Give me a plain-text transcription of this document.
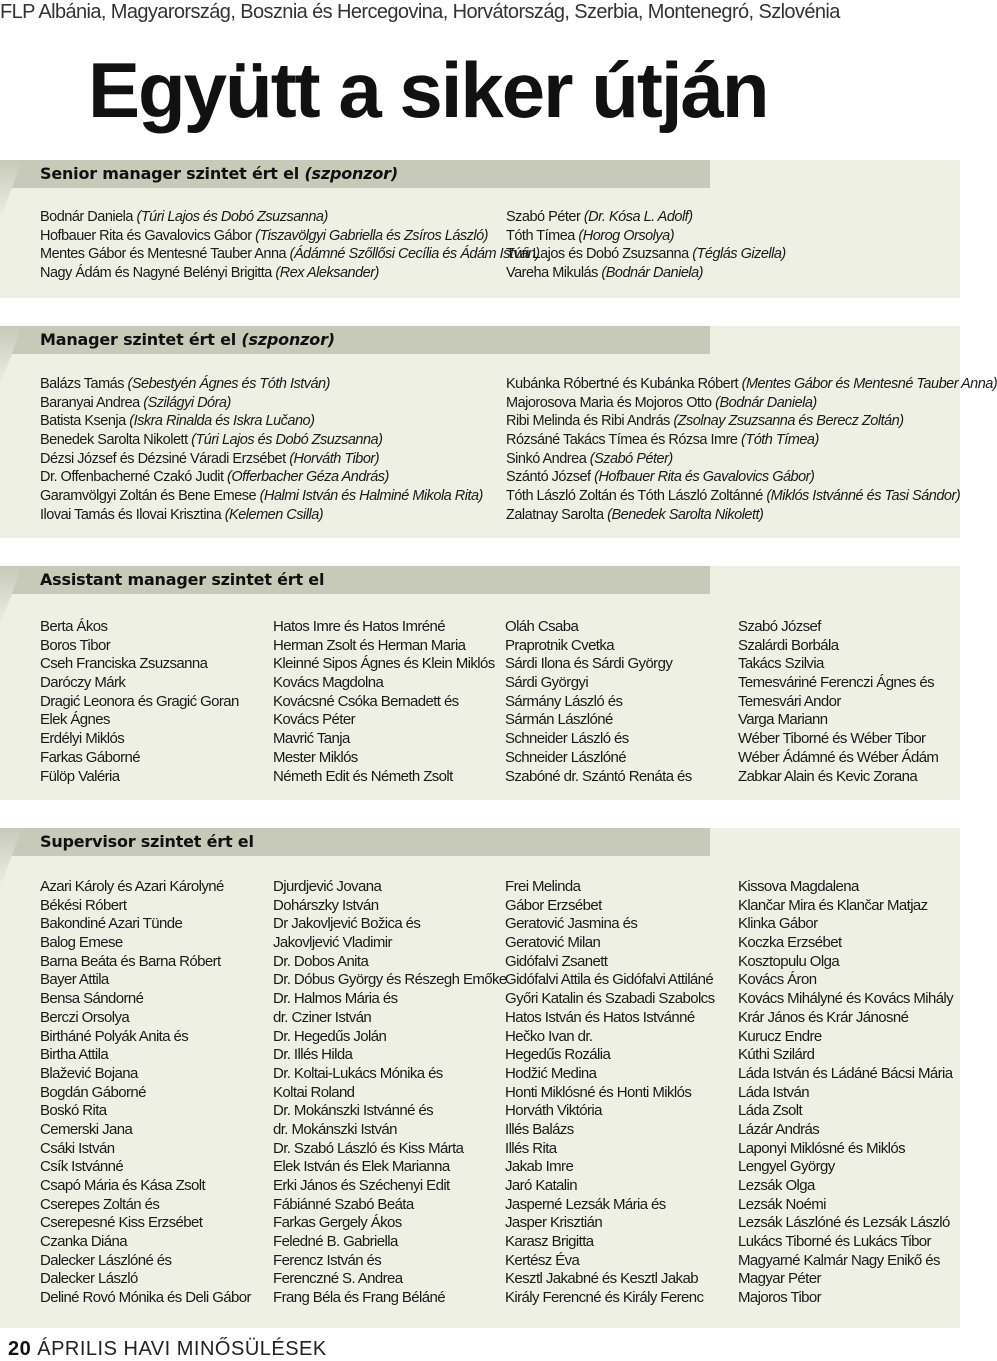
FLP Albánia, Magyarország, Bosznia és Hercegovina, Horvátország, Szerbia, Montenegró, Szlovénia
Együtt a siker útján
Senior manager szintet ért el (szponzor)
Bodnár Daniela (Túri Lajos és Dobó Zsuzsanna)
Hofbauer Rita és Gavalovics Gábor (Tiszavölgyi Gabriella és Zsíros László)
Mentes Gábor és Mentesné Tauber Anna (Ádámné Szőllősi Cecília és Ádám István)
Nagy Ádám és Nagyné Belényi Brigitta (Rex Aleksander)
Szabó Péter (Dr. Kósa L. Adolf)
Tóth Tímea (Horog Orsolya)
Túri Lajos és Dobó Zsuzsanna (Téglás Gizella)
Vareha Mikulás (Bodnár Daniela)
Manager szintet ért el (szponzor)
Balázs Tamás (Sebestyén Ágnes és Tóth István)
Baranyai Andrea (Szilágyi Dóra)
Batista Ksenja (Iskra Rinalda és Iskra Lučano)
Benedek Sarolta Nikolett (Túri Lajos és Dobó Zsuzsanna)
Dézsi József és Dézsiné Váradi Erzsébet (Horváth Tibor)
Dr. Offenbacherné Czakó Judit (Offerbacher Géza András)
Garamvölgyi Zoltán és Bene Emese (Halmi István és Halminé Mikola Rita)
Ilovai Tamás és Ilovai Krisztina (Kelemen Csilla)
Kubánka Róbertné és Kubánka Róbert (Mentes Gábor és Mentesné Tauber Anna)
Majorosova Maria és Mojoros Otto (Bodnár Daniela)
Ribi Melinda és Ribi András (Zsolnay Zsuzsanna és Berecz Zoltán)
Rózsáné Takács Tímea és Rózsa Imre (Tóth Tímea)
Sinkó Andrea (Szabó Péter)
Szántó József (Hofbauer Rita és Gavalovics Gábor)
Tóth László Zoltán és Tóth László Zoltánné (Miklós Istvánné és Tasi Sándor)
Zalatnay Sarolta (Benedek Sarolta Nikolett)
Assistant manager szintet ért el
Berta Ákos
Boros Tibor
Cseh Franciska Zsuzsanna
Daróczy Márk
Dragić Leonora és Gragić Goran
Elek Ágnes
Erdélyi Miklós
Farkas Gáborné
Fülöp Valéria
Hatos Imre és Hatos Imréné
Herman Zsolt és Herman Maria
Kleinné Sipos Ágnes és Klein Miklós
Kovács Magdolna
Kovácsné Csóka Bernadett és
Kovács Péter
Mavrić Tanja
Mester Miklós
Németh Edit és Németh Zsolt
Oláh Csaba
Praprotnik Cvetka
Sárdi Ilona és Sárdi György
Sárdi Györgyi
Sármány László és
Sármán Lászlóné
Schneider László és
Schneider Lászlóné
Szabóné dr. Szántó Renáta és
Szabó József
Szalárdi Borbála
Takács Szilvia
Temesváriné Ferenczi Ágnes és
Temesvári Andor
Varga Mariann
Wéber Tiborné és Wéber Tibor
Wéber Ádámné és Wéber Ádám
Zabkar Alain és Kevic Zorana
Supervisor szintet ért el
Azari Károly és Azari Károlyné
Békési Róbert
Bakondiné Azari Tünde
Balog Emese
Barna Beáta és Barna Róbert
Bayer Attila
Bensa Sándorné
Berczi Orsolya
Birtháné Polyák Anita és
Birtha Attila
Blažević Bojana
Bogdán Gáborné
Boskó Rita
Cemerski Jana
Csáki István
Csík Istvánné
Csapó Mária és Kása Zsolt
Cserepes Zoltán és
Cserepesné Kiss Erzsébet
Czanka Diána
Dalecker Lászlóné és
Dalecker László
Deliné Rovó Mónika és Deli Gábor
Djurdjević Jovana
Dohárszky István
Dr Jakovljević Božica és
Jakovljević Vladimir
Dr. Dobos Anita
Dr. Dóbus György és Részegh Emőke
Dr. Halmos Mária és
dr. Cziner István
Dr. Hegedűs Jolán
Dr. Illés Hilda
Dr. Koltai-Lukács Mónika és
Koltai Roland
Dr. Mokánszki Istvánné és
dr. Mokánszki István
Dr. Szabó László és Kiss Márta
Elek István és Elek Marianna
Erki János és Széchenyi Edit
Fábiánné Szabó Beáta
Farkas Gergely Ákos
Feledné B. Gabriella
Ferencz István és
Ferenczné S. Andrea
Frang Béla és Frang Béláné
Frei Melinda
Gábor Erzsébet
Geratović Jasmina és
Geratović Milan
Gidófalvi Zsanett
Gidófalvi Attila és Gidófalvi Attiláné
Győri Katalin és Szabadi Szabolcs
Hatos István és Hatos Istvánné
Hečko Ivan dr.
Hegedűs Rozália
Hodžić Medina
Honti Miklósné és Honti Miklós
Horváth Viktória
Illés Balázs
Illés Rita
Jakab Imre
Jaró Katalin
Jasperné Lezsák Mária és
Jasper Krisztián
Karasz Brigitta
Kertész Éva
Kesztl Jakabné és Kesztl Jakab
Király Ferencné és Király Ferenc
Kissova Magdalena
Klančar Mira és Klančar Matjaz
Klinka Gábor
Koczka Erzsébet
Kosztopulu Olga
Kovács Áron
Kovács Mihályné és Kovács Mihály
Krár János és Krár Jánosné
Kurucz Endre
Kúthi Szilárd
Láda István és Ládáné Bácsi Mária
Láda István
Láda Zsolt
Lázár András
Laponyi Miklósné és Miklós
Lengyel György
Lezsák Olga
Lezsák Noémi
Lezsák Lászlóné és Lezsák László
Lukács Tiborné és Lukács Tibor
Magyarné Kalmár Nagy Enikő és
Magyar Péter
Majoros Tibor
20 ÁPRILIS HAVI MINŐSÜLÉSEK
